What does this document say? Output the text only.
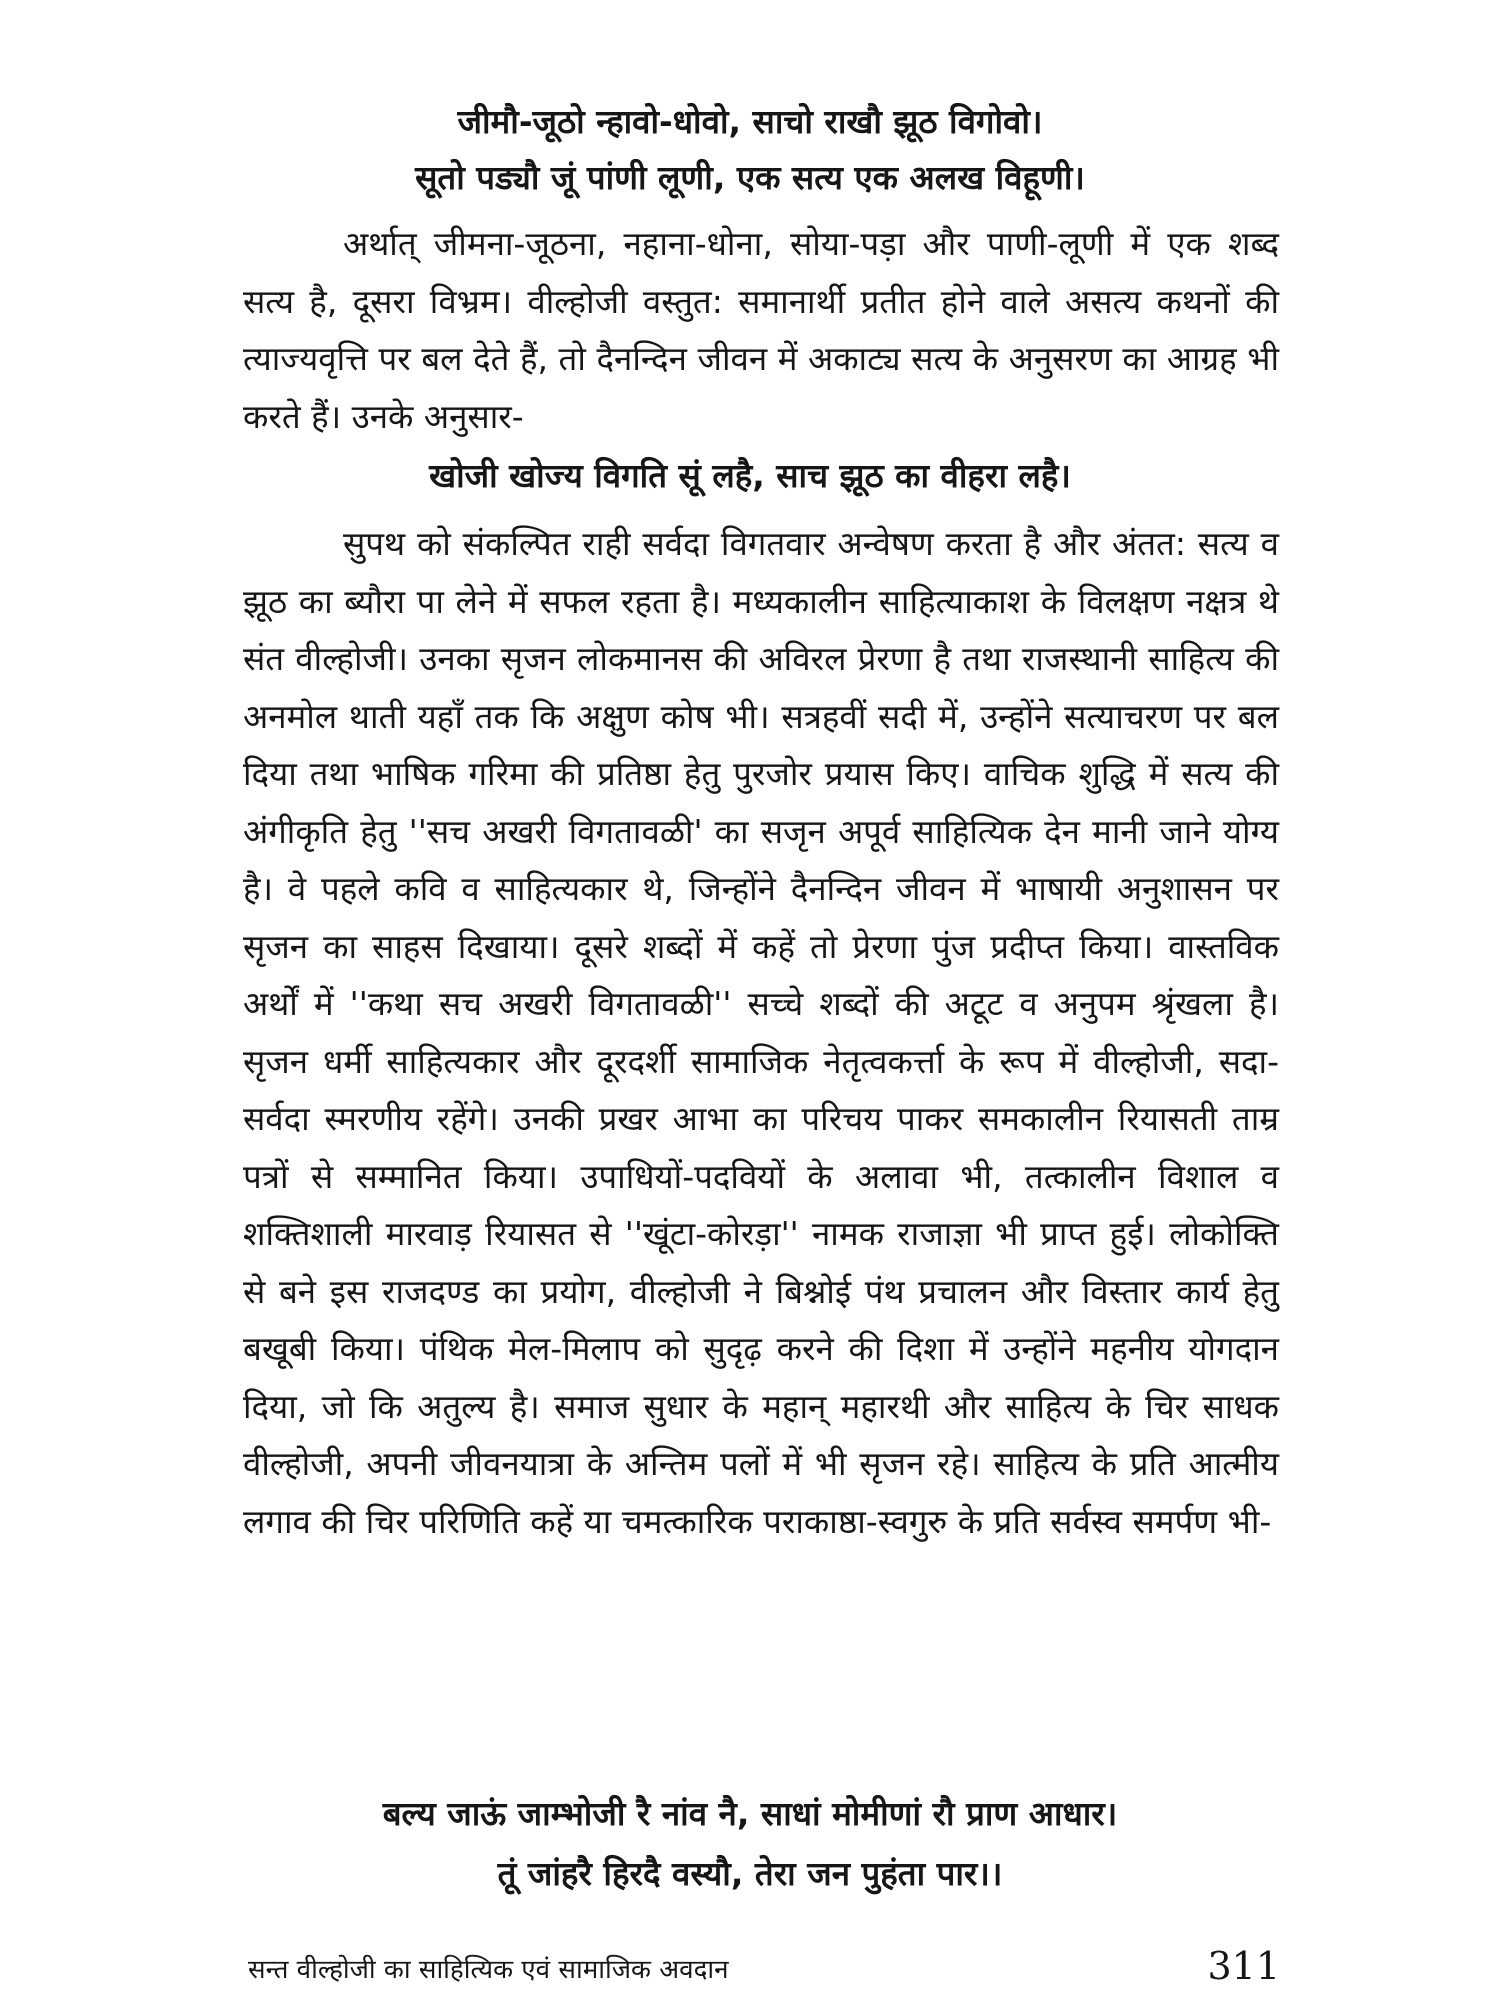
जीमौ-जूठो न्हावो-धोवो, साचो राखौ झूठ विगोवो।
सूतो पड्यौ जूं पांणी लूणी, एक सत्य एक अलख विहूणी।
अर्थात् जीमना-जूठना, नहाना-धोना, सोया-पड़ा और पाणी-लूणी में एक शब्द सत्य है, दूसरा विभ्रम। वील्होजी वस्तुत: समानार्थी प्रतीत होने वाले असत्य कथनों की त्याज्यवृत्ति पर बल देते हैं, तो दैनन्दिन जीवन में अकाट्य सत्य के अनुसरण का आग्रह भी करते हैं। उनके अनुसार-
खोजी खोज्य विगति सूं लहै, साच झूठ का वीहरा लहै।
सुपथ को संकल्पित राही सर्वदा विगतवार अन्वेषण करता है और अंतत: सत्य व झूठ का ब्यौरा पा लेने में सफल रहता है। मध्यकालीन साहित्याकाश के विलक्षण नक्षत्र थे संत वील्होजी। उनका सृजन लोकमानस की अविरल प्रेरणा है तथा राजस्थानी साहित्य की अनमोल थाती यहाँ तक कि अक्षुण कोष भी। सत्रहवीं सदी में, उन्होंने सत्याचरण पर बल दिया तथा भाषिक गरिमा की प्रतिष्ठा हेतु पुरजोर प्रयास किए। वाचिक शुद्धि में सत्य की अंगीकृति हेतु ''सच अखरी विगतावळी' का सजृन अपूर्व साहित्यिक देन मानी जाने योग्य है। वे पहले कवि व साहित्यकार थे, जिन्होंने दैनन्दिन जीवन में भाषायी अनुशासन पर सृजन का साहस दिखाया। दूसरे शब्दों में कहें तो प्रेरणा पुंज प्रदीप्त किया। वास्तविक अर्थों में ''कथा सच अखरी विगतावळी'' सच्चे शब्दों की अटूट व अनुपम श्रृंखला है। सृजन धर्मी साहित्यकार और दूरदर्शी सामाजिक नेतृत्वकर्त्ता के रूप में वील्होजी, सदा-सर्वदा स्मरणीय रहेंगे। उनकी प्रखर आभा का परिचय पाकर समकालीन रियासती ताम्र पत्रों से सम्मानित किया। उपाधियों-पदवियों के अलावा भी, तत्कालीन विशाल व शक्तिशाली मारवाड़ रियासत से ''खूंटा-कोरड़ा'' नामक राजाज्ञा भी प्राप्त हुई। लोकोक्ति से बने इस राजदण्ड का प्रयोग, वील्होजी ने बिश्नोई पंथ प्रचालन और विस्तार कार्य हेतु बखूबी किया। पंथिक मेल-मिलाप को सुदृढ़ करने की दिशा में उन्होंने महनीय योगदान दिया, जो कि अतुल्य है। समाज सुधार के महान् महारथी और साहित्य के चिर साधक वील्होजी, अपनी जीवनयात्रा के अन्तिम पलों में भी सृजन रहे। साहित्य के प्रति आत्मीय लगाव की चिर परिणिति कहें या चमत्कारिक पराकाष्ठा-स्वगुरु के प्रति सर्वस्व समर्पण भी-
बल्य जाऊं जाम्भोजी रै नांव नै, साधां मोमीणां रौ प्राण आधार।
तूं जांहरै हिरदै वस्यौ, तेरा जन पुहंता पार।।
सन्त वील्होजी का साहित्यिक एवं सामाजिक अवदान	311
